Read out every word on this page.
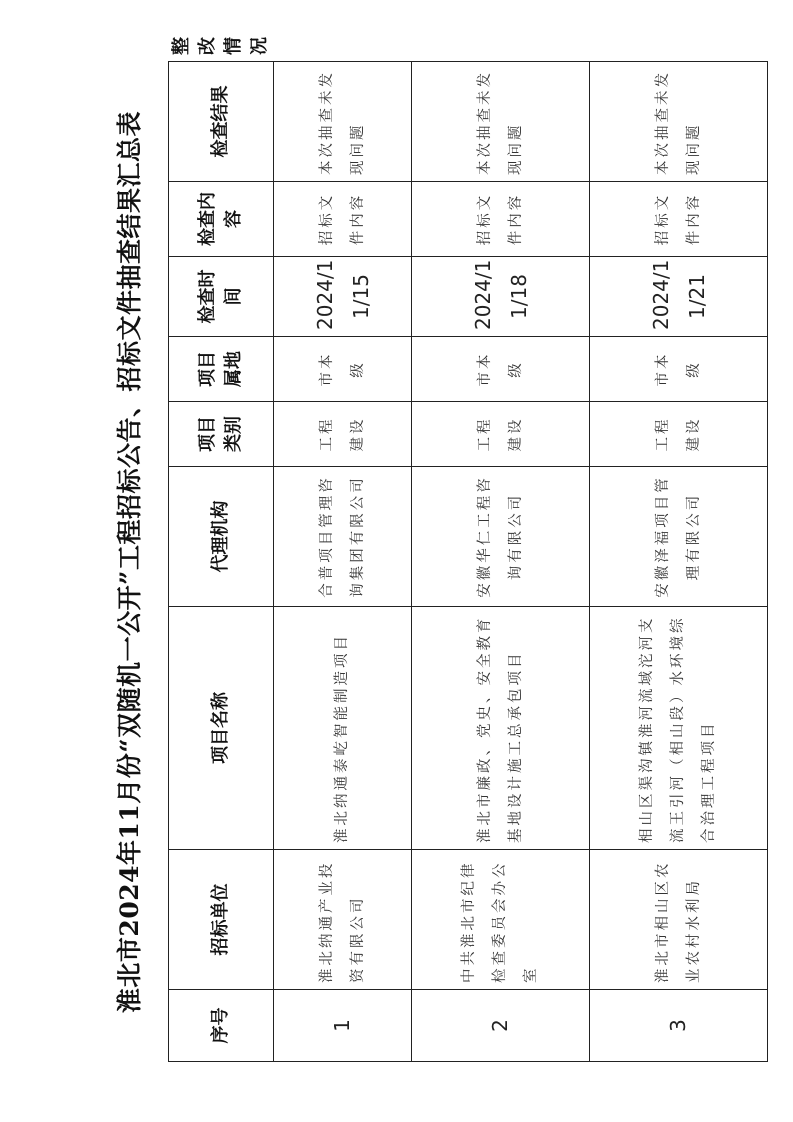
淮北市2024年11月份“双随机一公开”工程招标公告、招标文件抽查结果汇总表
序号	招标单位	项目名称	代理机构	项目 类别	项目 属地	检查时 间	检查内容	检查结果	整改情况
1	淮北纳通产业投资有限公司	淮北纳通泰屹智能制造项目	合普项目管理咨询集团有限公司	工程建设	市本级	2024/1 1/15	招标文件内容	本次抽查未发现问题	
2	中共淮北市纪律检查委员会办公室	淮北市廉政、党史、安全教育基地设计施工总承包项目	安徽华仁工程咨询有限公司	工程建设	市本级	2024/1 1/18	招标文件内容	本次抽查未发现问题	
3	淮北市相山区农业农村水利局	相山区渠沟镇淮河流域沱河支流王引河（相山段）水环境综合治理工程项目	安徽泽福项目管理有限公司	工程建设	市本级	2024/1 1/21	招标文件内容	本次抽查未发现问题	
